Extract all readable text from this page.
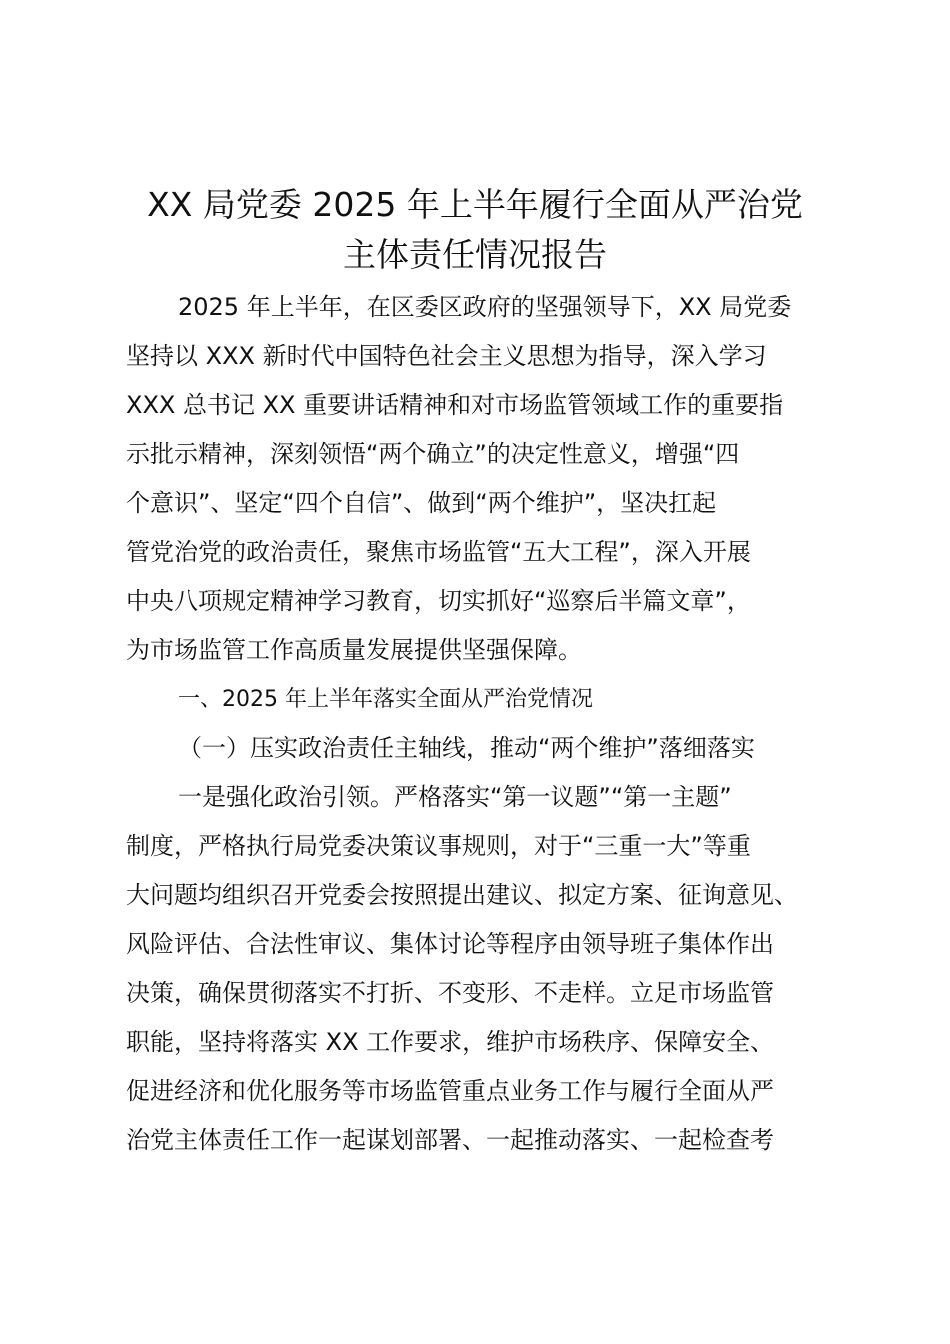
XX 局党委 2025 年上半年履行全面从严治党
主体责任情况报告
2025 年上半年，在区委区政府的坚强领导下，XX 局党委
坚持以 XXX 新时代中国特色社会主义思想为指导，深入学习
XXX 总书记 XX 重要讲话精神和对市场监管领域工作的重要指
示批示精神，深刻领悟“两个确立”的决定性意义，增强“四
个意识”、坚定“四个自信”、做到“两个维护”，坚决扛起
管党治党的政治责任，聚焦市场监管“五大工程”，深入开展
中央八项规定精神学习教育，切实抓好“巡察后半篇文章”，
为市场监管工作高质量发展提供坚强保障。
一、2025 年上半年落实全面从严治党情况
（一）压实政治责任主轴线，推动“两个维护”落细落实
一是强化政治引领。严格落实“第一议题”“第一主题”
制度，严格执行局党委决策议事规则，对于“三重一大”等重
大问题均组织召开党委会按照提出建议、拟定方案、征询意见、
风险评估、合法性审议、集体讨论等程序由领导班子集体作出
决策，确保贯彻落实不打折、不变形、不走样。立足市场监管
职能，坚持将落实 XX 工作要求，维护市场秩序、保障安全、
促进经济和优化服务等市场监管重点业务工作与履行全面从严
治党主体责任工作一起谋划部署、一起推动落实、一起检查考
